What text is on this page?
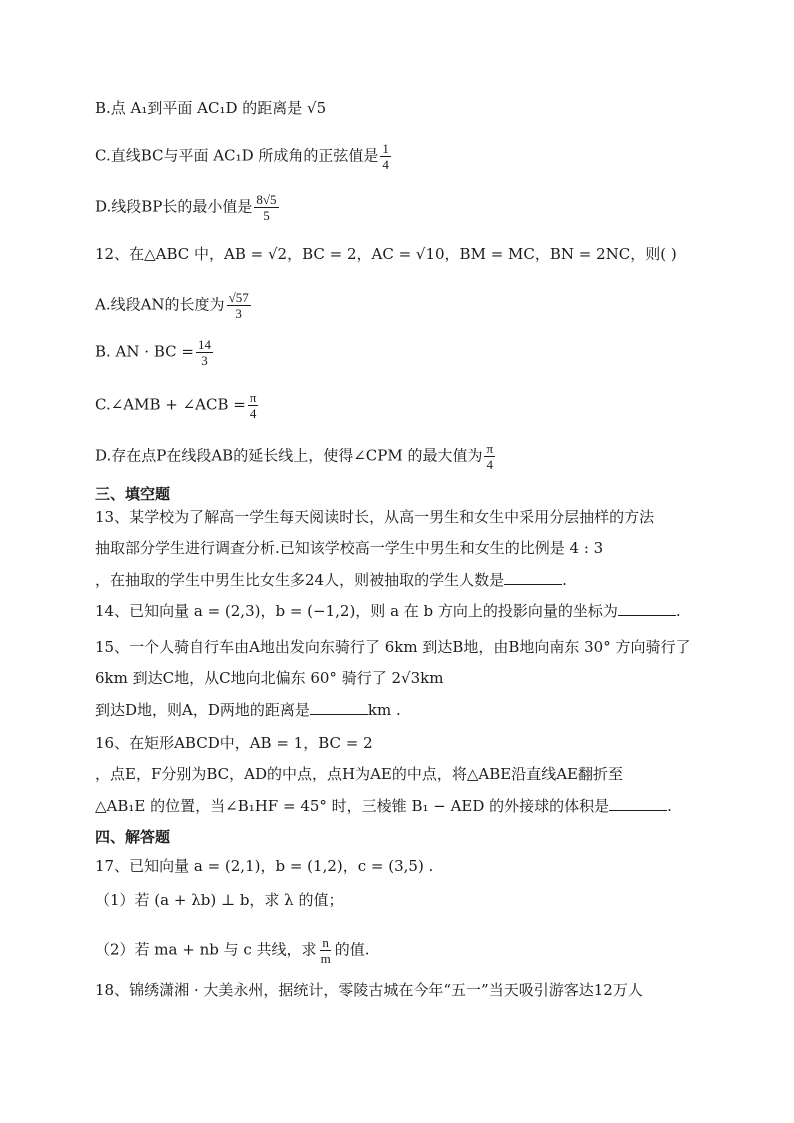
B.点 A₁到平面 AC₁D 的距离是 √5
C.直线BC与平面 AC₁D 所成角的正弦值是 $\frac{1}{4}$
D.线段BP长的最小值是 $\frac{8√5}{5}$
12、在△ABC 中，AB = √2，BC = 2，AC = √10，BM = MC，BN = 2NC，则( )
A.线段AN的长度为 $\frac{√57}{3}$
B. AN · BC = $\frac{14}{3}$
C.∠AMB + ∠ACB = $\frac{\pi}{4}$
D.存在点P在线段AB的延长线上，使得∠CPM 的最大值为 $\frac{\pi}{4}$
三、填空题
13、某学校为了解高一学生每天阅读时长，从高一男生和女生中采用分层抽样的方法
抽取部分学生进行调查分析.已知该学校高一学生中男生和女生的比例是 4 : 3
，在抽取的学生中男生比女生多24人，则被抽取的学生人数是	.
14、已知向量 a = (2,3)，b = (−1,2)，则 a 在 b 方向上的投影向量的坐标为	.
15、一个人骑自行车由A地出发向东骑行了 6km 到达B地，由B地向南东 30° 方向骑行了
6km 到达C地，从C地向北偏东 60° 骑行了 2√3km
到达D地，则A，D两地的距离是	km .
16、在矩形ABCD中，AB = 1，BC = 2
，点E，F分别为BC，AD的中点，点H为AE的中点，将△ABE沿直线AE翻折至
△AB₁E 的位置，当∠B₁HF = 45° 时，三棱锥 B₁ − AED 的外接球的体积是	.
四、解答题
17、已知向量 a = (2,1)，b = (1,2)，c = (3,5) .
（1）若 (a + λb) ⊥ b，求 λ 的值；
（2）若 ma + nb 与 c 共线，求 $\frac{n}{m}$ 的值.
18、锦绣潇湘 · 大美永州，据统计，零陵古城在今年“五一”当天吸引游客达12万人
